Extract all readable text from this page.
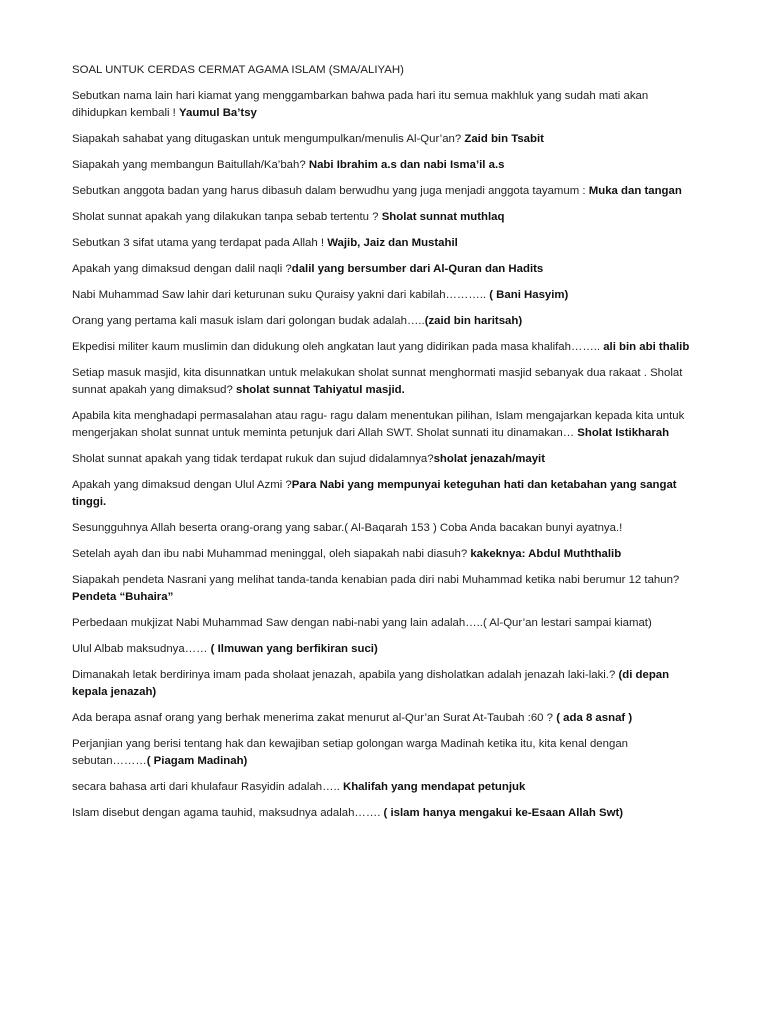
SOAL UNTUK CERDAS CERMAT AGAMA ISLAM (SMA/ALIYAH)
Sebutkan nama lain hari kiamat yang menggambarkan bahwa pada hari itu semua makhluk yang sudah mati akan dihidupkan kembali ! Yaumul Ba’tsy
Siapakah sahabat yang ditugaskan untuk mengumpulkan/menulis Al-Qur’an? Zaid bin Tsabit
Siapakah yang membangun Baitullah/Ka’bah? Nabi Ibrahim a.s dan nabi Isma’il a.s
Sebutkan anggota badan yang harus dibasuh dalam berwudhu yang juga menjadi anggota tayamum : Muka dan tangan
Sholat sunnat apakah yang dilakukan tanpa sebab tertentu ? Sholat sunnat muthlaq
Sebutkan 3 sifat utama yang terdapat pada Allah ! Wajib, Jaiz dan Mustahil
Apakah yang dimaksud dengan dalil naqli ?dalil yang bersumber dari Al-Quran dan Hadits
Nabi Muhammad Saw lahir dari keturunan suku Quraisy yakni dari kabilah……….. ( Bani Hasyim)
Orang yang pertama kali masuk islam dari golongan budak adalah…..(zaid bin haritsah)
Ekpedisi militer kaum muslimin dan didukung oleh angkatan laut yang didirikan pada masa khalifah…….. ali bin abi thalib
Setiap masuk masjid, kita disunnatkan untuk melakukan sholat sunnat menghormati masjid sebanyak dua rakaat . Sholat sunnat apakah yang dimaksud? sholat sunnat Tahiyatul masjid.
Apabila kita menghadapi permasalahan atau ragu- ragu dalam menentukan pilihan, Islam mengajarkan kepada kita untuk mengerjakan sholat sunnat untuk meminta petunjuk dari Allah SWT. Sholat sunnati itu dinamakan… Sholat Istikharah
Sholat sunnat apakah yang tidak terdapat rukuk dan sujud didalamnya?sholat jenazah/mayit
Apakah yang dimaksud dengan Ulul Azmi ?Para Nabi yang mempunyai keteguhan hati dan ketabahan yang sangat tinggi.
Sesungguhnya Allah beserta orang-orang yang sabar.( Al-Baqarah 153 ) Coba Anda bacakan bunyi ayatnya.!
Setelah ayah dan ibu nabi Muhammad meninggal, oleh siapakah nabi diasuh? kakeknya: Abdul Muththalib
Siapakah pendeta Nasrani yang melihat tanda-tanda kenabian pada diri nabi Muhammad ketika nabi berumur 12 tahun?Pendeta “Buhaira”
Perbedaan mukjizat Nabi Muhammad Saw dengan nabi-nabi yang lain adalah…..( Al-Qur’an lestari sampai kiamat)
Ulul Albab maksudnya…… ( Ilmuwan yang berfikiran suci)
Dimanakah letak berdirinya imam pada sholaat jenazah, apabila yang disholatkan adalah jenazah laki-laki.? (di depan kepala jenazah)
Ada berapa asnaf orang yang berhak menerima zakat menurut al-Qur’an Surat At-Taubah :60 ? ( ada 8 asnaf )
Perjanjian yang berisi tentang hak dan kewajiban setiap golongan warga Madinah ketika itu, kita kenal dengan sebutan………( Piagam Madinah)
secara bahasa arti dari khulafaur Rasyidin adalah….. Khalifah yang mendapat petunjuk
Islam disebut dengan agama tauhid, maksudnya adalah……. ( islam hanya mengakui ke-Esaan Allah Swt)
